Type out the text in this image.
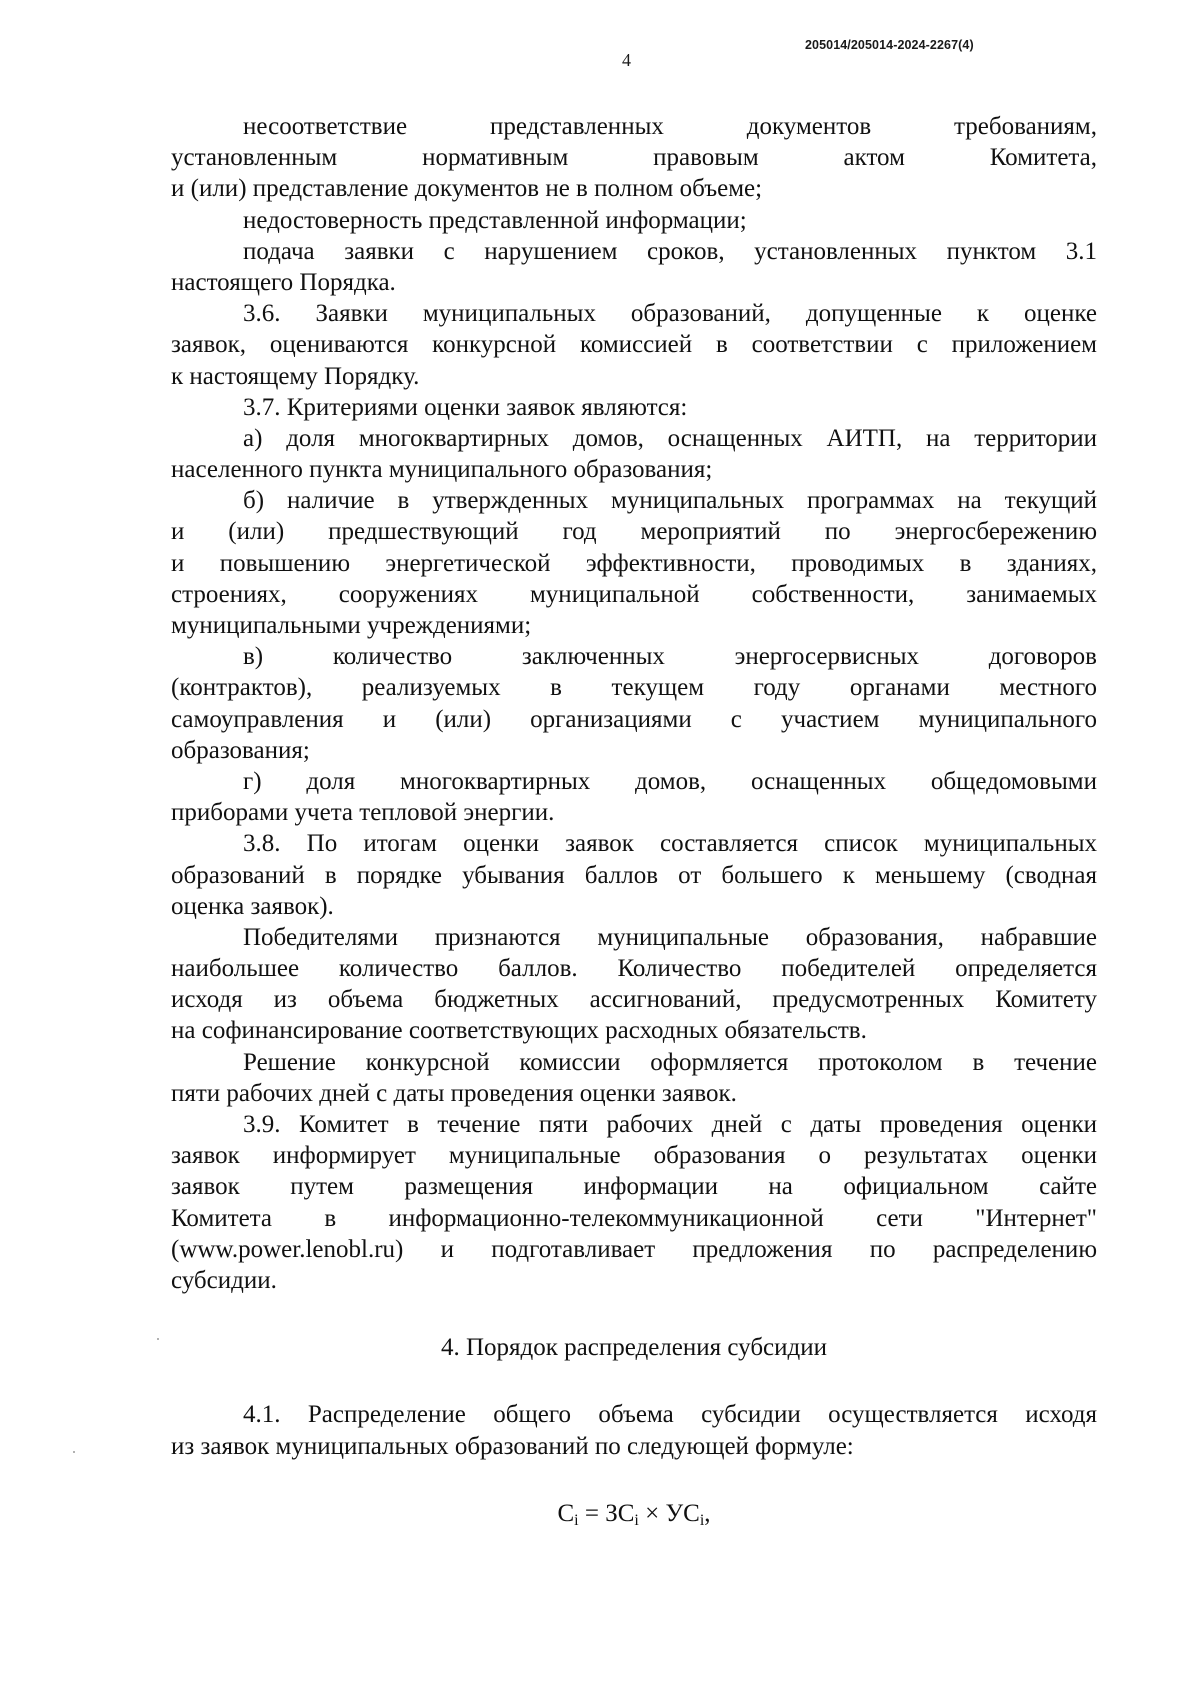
205014/205014-2024-2267(4)
4
несоответствие представленных документов требованиям,
установленным нормативным правовым актом Комитета,
и (или) представление документов не в полном объеме;
недостоверность представленной информации;
подача заявки с нарушением сроков, установленных пунктом 3.1
настоящего Порядка.
3.6. Заявки муниципальных образований, допущенные к оценке
заявок, оцениваются конкурсной комиссией в соответствии с приложением
к настоящему Порядку.
3.7. Критериями оценки заявок являются:
а) доля многоквартирных домов, оснащенных АИТП, на территории
населенного пункта муниципального образования;
б) наличие в утвержденных муниципальных программах на текущий
и (или) предшествующий год мероприятий по энергосбережению
и повышению энергетической эффективности, проводимых в зданиях,
строениях, сооружениях муниципальной собственности, занимаемых
муниципальными учреждениями;
в) количество заключенных энергосервисных договоров
(контрактов), реализуемых в текущем году органами местного
самоуправления и (или) организациями с участием муниципального
образования;
г) доля многоквартирных домов, оснащенных общедомовыми
приборами учета тепловой энергии.
3.8. По итогам оценки заявок составляется список муниципальных
образований в порядке убывания баллов от большего к меньшему (сводная
оценка заявок).
Победителями признаются муниципальные образования, набравшие
наибольшее количество баллов. Количество победителей определяется
исходя из объема бюджетных ассигнований, предусмотренных Комитету
на софинансирование соответствующих расходных обязательств.
Решение конкурсной комиссии оформляется протоколом в течение
пяти рабочих дней с даты проведения оценки заявок.
3.9. Комитет в течение пяти рабочих дней с даты проведения оценки
заявок информирует муниципальные образования о результатах оценки
заявок путем размещения информации на официальном сайте
Комитета в информационно-телекоммуникационной сети "Интернет"
(www.power.lenobl.ru) и подготавливает предложения по распределению
субсидии.
4. Порядок распределения субсидии
4.1. Распределение общего объема субсидии осуществляется исходя
из заявок муниципальных образований по следующей формуле:
$C_i = ЗC_i \times УC_i$,
